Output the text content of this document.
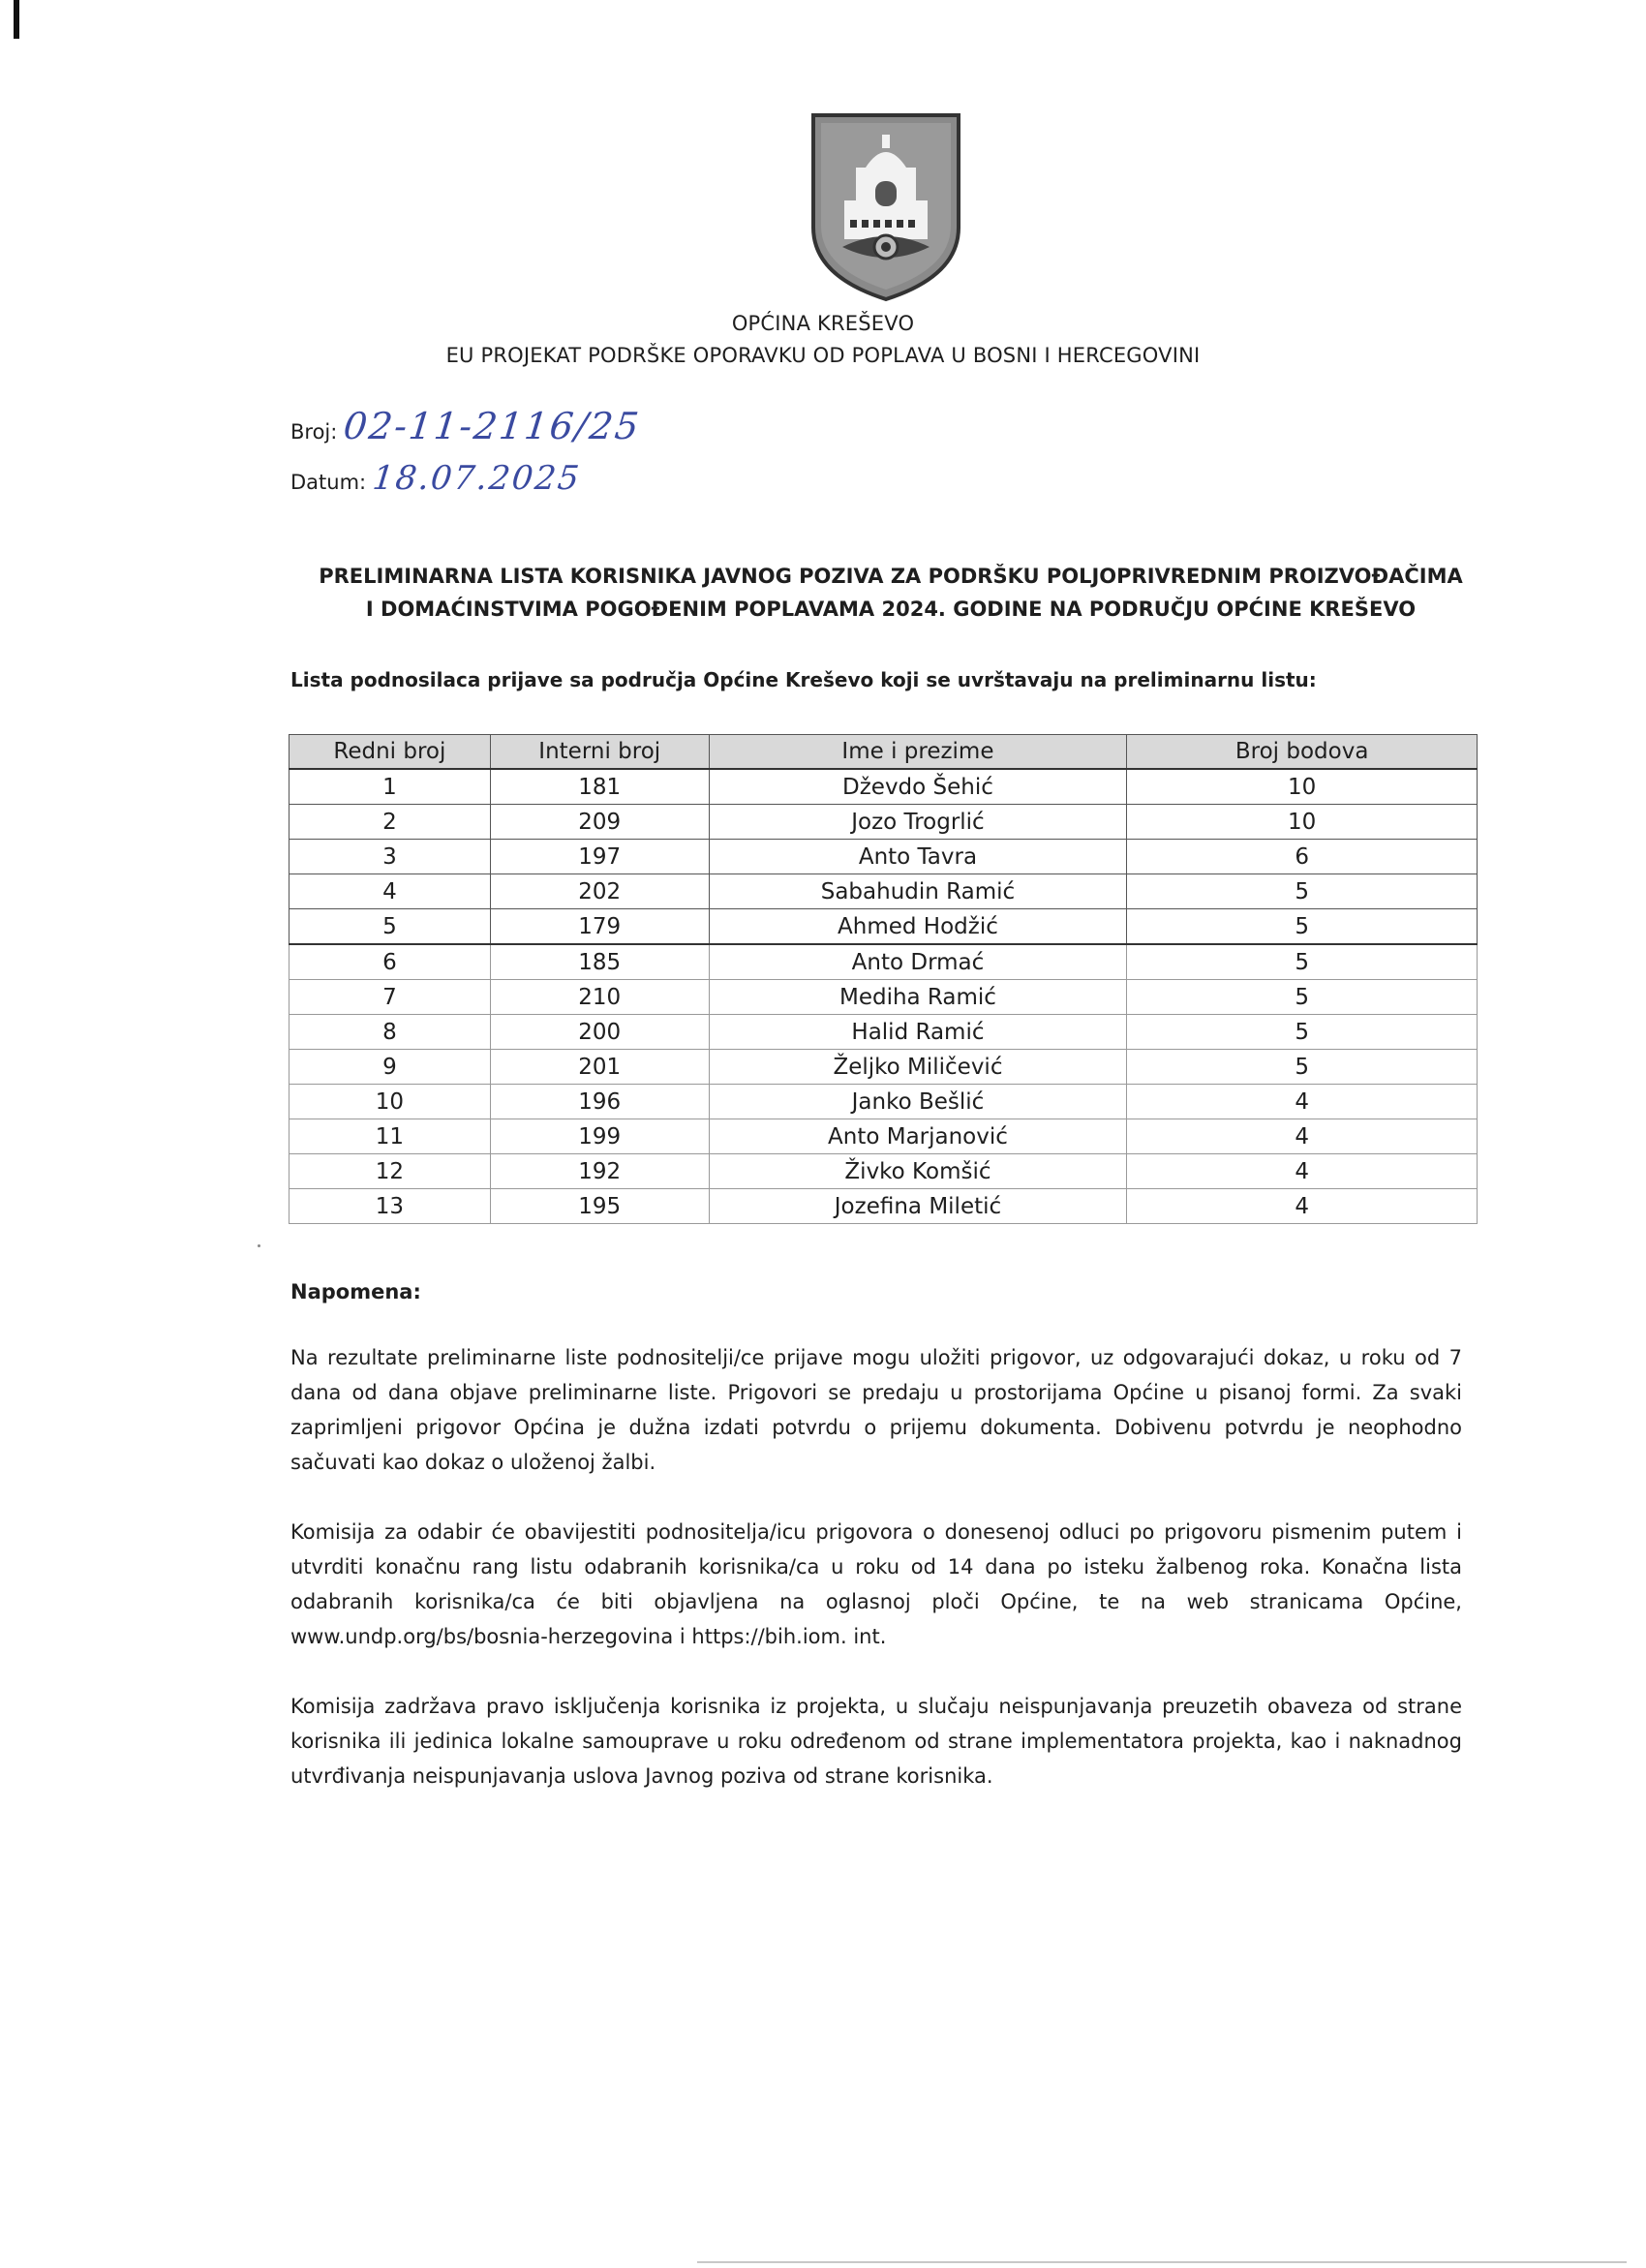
OPĆINA KREŠEVO
EU PROJEKAT PODRŠKE OPORAVKU OD POPLAVA U BOSNI I HERCEGOVINI
Broj: 02-11-2116/25
Datum: 18.07.2025
PRELIMINARNA LISTA KORISNIKA JAVNOG POZIVA ZA PODRŠKU POLJOPRIVREDNIM PROIZVOĐAČIMA
I DOMAĆINSTVIMA POGOĐENIM POPLAVAMA 2024. GODINE NA PODRUČJU OPĆINE KREŠEVO
Lista podnosilaca prijave sa područja Općine Kreševo koji se uvrštavaju na preliminarnu listu:
Redni broj	Interni broj	Ime i prezime	Broj bodova
1	181	Dževdo Šehić	10
2	209	Jozo Trogrlić	10
3	197	Anto Tavra	6
4	202	Sabahudin Ramić	5
5	179	Ahmed Hodžić	5
6	185	Anto Drmać	5
7	210	Mediha Ramić	5
8	200	Halid Ramić	5
9	201	Željko Miličević	5
10	196	Janko Bešlić	4
11	199	Anto Marjanović	4
12	192	Živko Komšić	4
13	195	Jozefina Miletić	4
Napomena:

Na rezultate preliminarne liste podnositelji/ce prijave mogu uložiti prigovor, uz odgovarajući dokaz, u roku od 7 dana od dana objave preliminarne liste. Prigovori se predaju u prostorijama Općine u pisanoj formi. Za svaki zaprimljeni prigovor Općina je dužna izdati potvrdu o prijemu dokumenta. Dobivenu potvrdu je neophodno sačuvati kao dokaz o uloženoj žalbi.

Komisija za odabir će obavijestiti podnositelja/icu prigovora o donesenoj odluci po prigovoru pismenim putem i utvrditi konačnu rang listu odabranih korisnika/ca u roku od 14 dana po isteku žalbenog roka. Konačna lista odabranih korisnika/ca će biti objavljena na oglasnoj ploči Općine, te na web stranicama Općine, www.undp.org/bs/bosnia-herzegovina i https://bih.iom. int.

Komisija zadržava pravo isključenja korisnika iz projekta, u slučaju neispunjavanja preuzetih obaveza od strane korisnika ili jedinica lokalne samouprave u roku određenom od strane implementatora projekta, kao i naknadnog utvrđivanja neispunjavanja uslova Javnog poziva od strane korisnika.
